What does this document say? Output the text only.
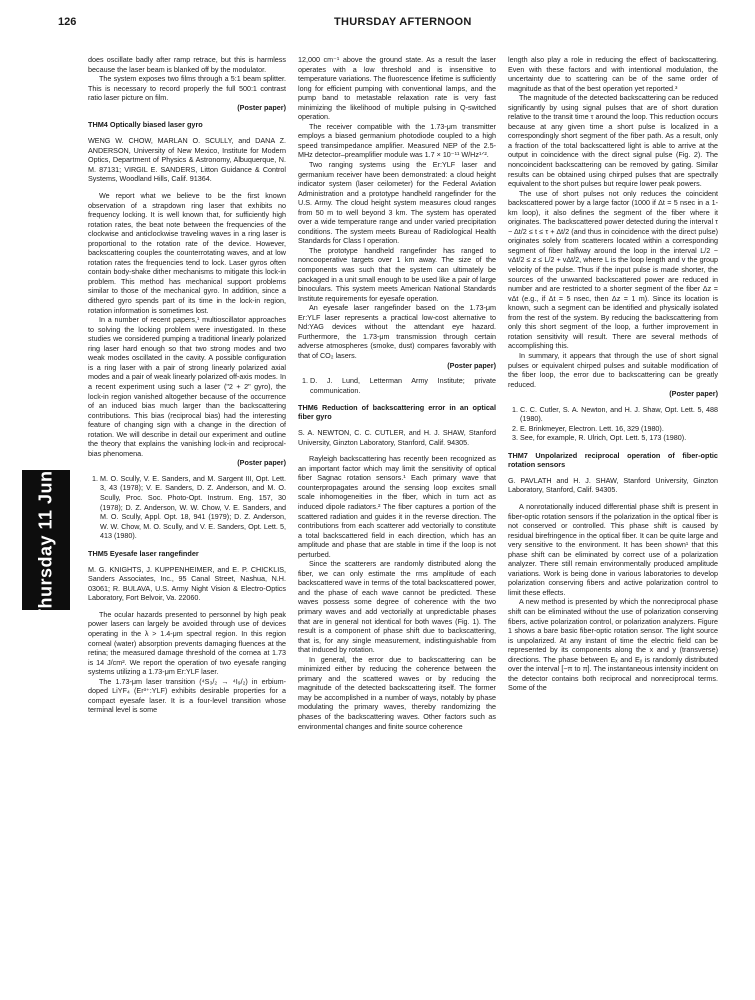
126	THURSDAY AFTERNOON
Thursday 11 June

does oscillate badly after ramp retrace, but this is harmless because the laser beam is blanked off by the modulator.

The system exposes two films through a 5:1 beam splitter. This is necessary to record properly the full 500:1 contrast ratio laser picture on film.

(Poster paper)

THM4 Optically biased laser gyro

WENG W. CHOW, MARLAN O. SCULLY, and DANA Z. ANDERSON, University of New Mexico, Institute for Modern Optics, Department of Physics & Astronomy, Albuquerque, N. M. 87131; VIRGIL E. SANDERS, Litton Guidance & Control Systems, Woodland Hills, Calif. 91364.

We report what we believe to be the first known observation of a strapdown ring laser that exhibits no frequency locking. It is well known that, for sufficiently high rotation rates, the beat note between the frequencies of the clockwise and anticlockwise traveling waves in a ring laser is proportional to the rotation rate of the device. However, backscattering couples the counterrotating waves, and at low rotation rates the frequencies tend to lock. Laser gyros often contain body-shake dither mechanisms to mitigate this lock-in problem. This method has mechanical support problems similar to those of the mechanical gyro. In addition, since a dithered gyro spends part of its time in the lock-in region, rotation information is sometimes lost.

In a number of recent papers,¹ multioscillator approaches to solving the locking problem were investigated. In these studies we considered pumping a traditional linearly polarized ring laser hard enough so that two strong modes and two weak modes oscillated in the cavity. A possible configuration is a ring laser with a pair of strong linearly polarized axial modes and a pair of weak linearly polarized off-axis modes. In a recent experiment using such a laser ("2 + 2" gyro), the lock-in region vanished altogether because of the occurrence of an induced bias much larger than the backscattering contributions. This bias (reciprocal bias) had the interesting feature of changing sign with a change in the direction of rotation. We will describe in detail our experiment and outline the theory that explains the vanishing lock-in and reciprocal-bias phenomena.

(Poster paper)

1. M. O. Scully, V. E. Sanders, and M. Sargent III, Opt. Lett. 3, 43 (1978); V. E. Sanders, D. Z. Anderson, and M. O. Scully, Proc. Soc. Photo-Opt. Instrum. Eng. 157, 30 (1978); D. Z. Anderson, W. W. Chow, V. E. Sanders, and M. O. Scully, Appl. Opt. 18, 941 (1979); D. Z. Anderson, W. W. Chow, M. O. Scully, and V. E. Sanders, Opt. Lett. 5, 413 (1980).
THM5 Eyesafe laser rangefinder

M. G. KNIGHTS, J. KUPPENHEIMER, and E. P. CHICKLIS, Sanders Associates, Inc., 95 Canal Street, Nashua, N.H. 03061; R. BULAVA, U.S. Army Night Vision & Electro-Optics Laboratory, Fort Belvoir, Va. 22060.

The ocular hazards presented to personnel by high peak power lasers can largely be avoided through use of devices operating in the λ > 1.4-μm spectral region. In this region corneal (water) absorption prevents damaging fluences at the retina; the measured damage threshold of the cornea at 1.73 is 14 J/cm². We report the operation of two eyesafe ranging systems utilizing a 1.73-μm Er:YLF laser.

The 1.73-μm laser transition (⁴S₃/₂ → ⁴I₉/₂) in erbium-doped LiYF₄ (Er³⁺:YLF) exhibits desirable properties for a compact eyesafe laser. It is a four-level transition whose terminal level is some

12,000 cm⁻¹ above the ground state. As a result the laser operates with a low threshold and is insensitive to temperature variations. The fluorescence lifetime is sufficiently long for efficient pumping with conventional lamps, and the pump band to metastable relaxation rate is very fast minimizing the likelihood of multiple pulsing in Q-switched operation.

The receiver compatible with the 1.73-μm transmitter employs a biased germanium photodiode coupled to a high speed transimpedance amplifier. Measured NEP of the 2.5-MHz detector–preamplifier module was 1.7 × 10⁻¹¹ W/Hz¹ᐟ².

Two ranging systems using the Er:YLF laser and germanium receiver have been demonstrated: a cloud height indicator system (laser ceilometer) for the Federal Aviation Administration and a prototype handheld rangefinder for the U.S. Army. The cloud height system measures cloud ranges from 50 m to well beyond 3 km. The system has operated over a wide temperature range and under varied precipitation conditions. The system meets Bureau of Radiological Health Standards for Class I operation.

The prototype handheld rangefinder has ranged to noncooperative targets over 1 km away. The size of the components was such that the system can ultimately be packaged in a unit small enough to be used like a pair of large binoculars. This system meets American National Standards Institute requirements for eyesafe operation.

An eyesafe laser rangefinder based on the 1.73-μm Er:YLF laser represents a practical low-cost alternative to Nd:YAG devices without the attendant eye hazard. Furthermore, the 1.73-μm transmission through certain adverse atmospheres (smoke, dust) compares favorably with that of CO₂ lasers.

(Poster paper)

1. D. J. Lund, Letterman Army Institute; private communication.
THM6 Reduction of backscattering error in an optical fiber gyro

S. A. NEWTON, C. C. CUTLER, and H. J. SHAW, Stanford University, Ginzton Laboratory, Stanford, Calif. 94305.

Rayleigh backscattering has recently been recognized as an important factor which may limit the sensitivity of optical fiber Sagnac rotation sensors.¹ Each primary wave that counterpropagates around the sensing loop excites small scale inhomogeneities in the fiber, which in turn act as induced dipole radiators.² The fiber captures a portion of the scattered radiation and guides it in the reverse direction. The contributions from each scatterer add vectorially to constitute a total backscattered field in each direction, which has an amplitude and phase that are stable in time if the loop is not perturbed.

Since the scatterers are randomly distributed along the fiber, we can only estimate the rms amplitude of each backscattered wave in terms of the total backscattered power, and the phase of each wave cannot be predicted. These waves possess some degree of coherence with the two primary waves and add vectorially at unpredictable phases that are in general not identical for both waves (Fig. 1). The result is a component of phase shift due to backscattering, that is, for any single measurement, indistinguishable from that induced by rotation.

In general, the error due to backscattering can be minimized either by reducing the coherence between the primary and the scattered waves or by reducing the magnitude of the detected backscattering itself. The former may be accomplished in a number of ways, notably by phase modulating the primary waves, thereby randomizing the phases of the backscattering waves. Other factors such as environmental changes and finite source coherence

length also play a role in reducing the effect of backscattering. Even with these factors and with intentional modulation, the uncertainty due to scattering can be of the same order of magnitude as that of the best operation yet reported.³

The magnitude of the detected backscattering can be reduced significantly by using signal pulses that are of short duration relative to the transit time τ around the loop. This reduction occurs because at any given time a short pulse is localized in a correspondingly short segment of the fiber path. As a result, only a fraction of the total backscattered light is able to arrive at the output in coincidence with the direct signal pulse (Fig. 2). The noncoincident backscattering can be removed by gating. Similar results can be obtained using chirped pulses that are spectrally equivalent to the short pulses but require lower peak powers.

The use of short pulses not only reduces the coincident backscattered power by a large factor (1000 if Δt = 5 nsec in a 1-km loop), it also defines the segment of the fiber where it originates. The backscattered power detected during the interval τ − Δt/2 ≤ t ≤ τ + Δt/2 (and thus in coincidence with the direct pulse) originates solely from scatterers located within a corresponding segment of fiber halfway around the loop in the interval L/2 − vΔt/2 ≤ z ≤ L/2 + vΔt/2, where L is the loop length and v the group velocity of the pulse. Thus if the input pulse is made shorter, the sources of the unwanted backscattered power are reduced in number and are restricted to a shorter segment of the fiber Δz = vΔt (e.g., if Δt = 5 nsec, then Δz = 1 m). Since its location is known, such a segment can be identified and physically isolated from the rest of the system. By reducing the backscattering from only this short segment of the loop, a further improvement in rotation sensitivity will result. There are several methods of accomplishing this.

In summary, it appears that through the use of short signal pulses or equivalent chirped pulses and suitable modification of the fiber loop, the error due to backscattering can be greatly reduced.

(Poster paper)

1. C. C. Cutler, S. A. Newton, and H. J. Shaw, Opt. Lett. 5, 488 (1980).
2. E. Brinkmeyer, Electron. Lett. 16, 329 (1980).
3. See, for example, R. Ulrich, Opt. Lett. 5, 173 (1980).
THM7 Unpolarized reciprocal operation of fiber-optic rotation sensors

G. PAVLATH and H. J. SHAW, Stanford University, Ginzton Laboratory, Stanford, Calif. 94305.

A nonrotationally induced differential phase shift is present in fiber-optic rotation sensors if the polarization in the optical fiber is not conserved or controlled. This phase shift is caused by residual birefringence in the optical fiber. It can be quite large and very sensitive to the environment. It has been shown¹ that this phase shift can be eliminated by correct use of a polarization analyzer. There still remain environmentally produced amplitude variations. Work is being done in various laboratories to develop polarization conserving fibers and active polarization control to limit these effects.

A new method is presented by which the nonreciprocal phase shift can be eliminated without the use of polarization conserving fibers, active polarization control, or polarization analyzers. Figure 1 shows a bare basic fiber-optic rotation sensor. The light source is unpolarized. At any instant of time the electric field can be represented by its components along the x and y (transverse) directions. The phase between Eₓ and Eᵧ is randomly distributed over the interval [−π to π]. The instantaneous intensity incident on the detector contains both reciprocal and nonreciprocal terms. Some of the
